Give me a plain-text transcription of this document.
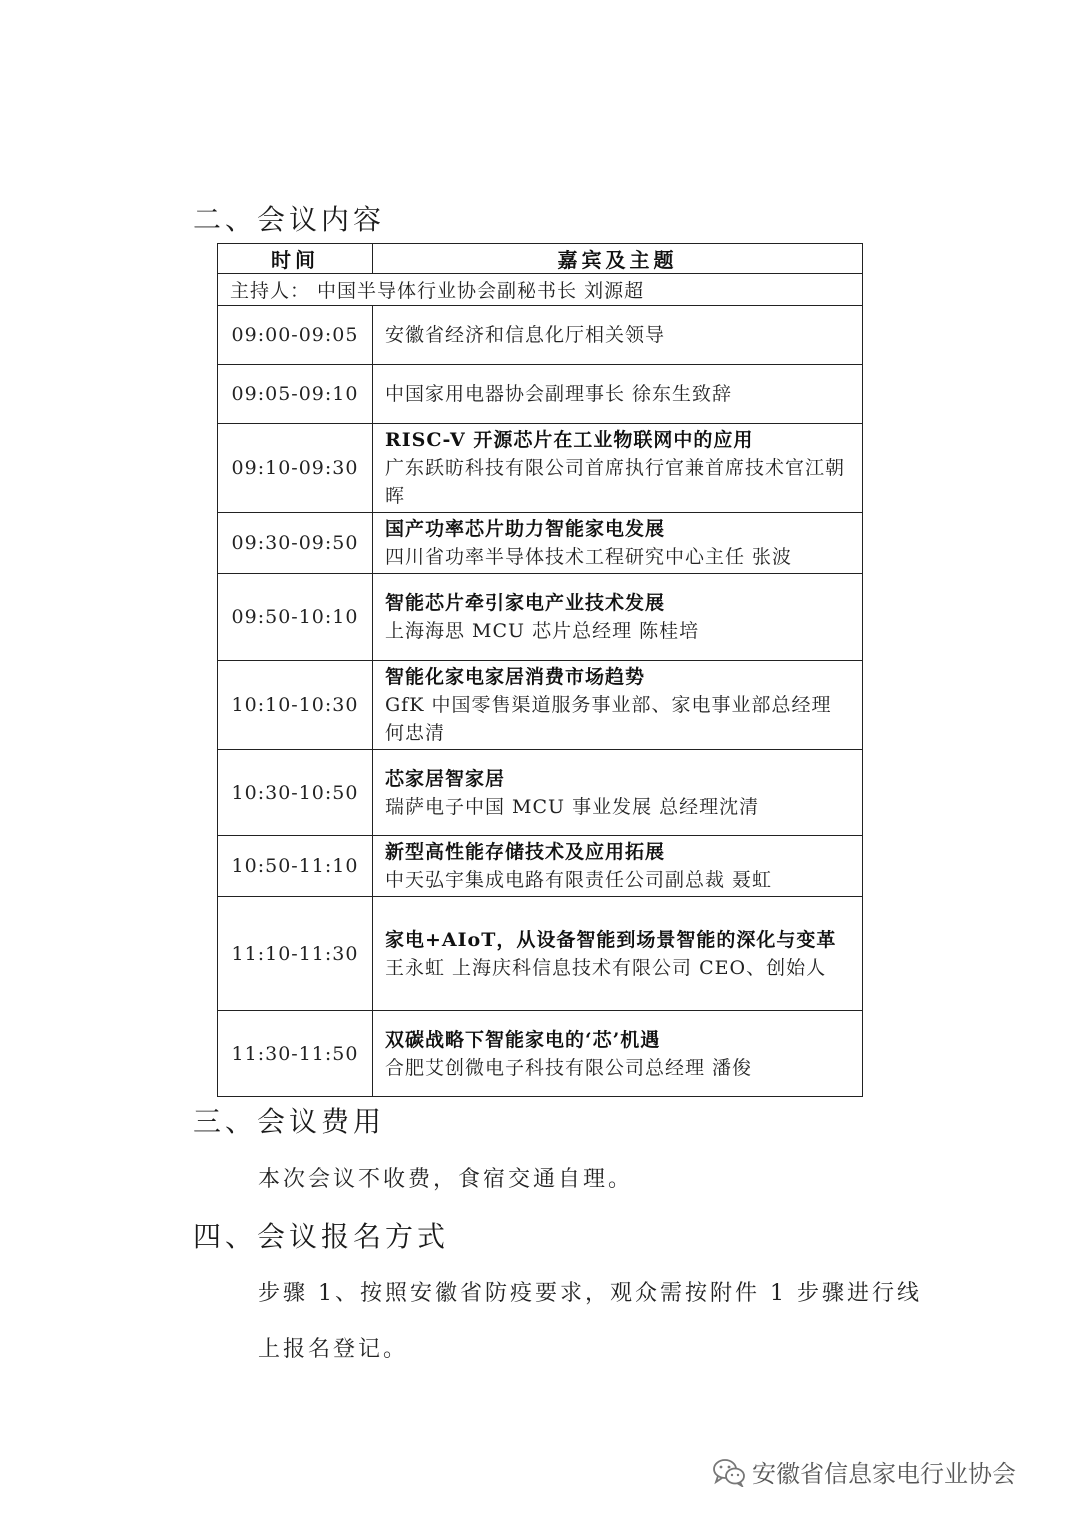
二、会议内容
时间	嘉宾及主题
主持人： 中国半导体行业协会副秘书长 刘源超	
09:00-09:05	安徽省经济和信息化厅相关领导

09:05-09:10	中国家用电器协会副理事长 徐东生致辞

09:10-09:30	RISC-V 开源芯片在工业物联网中的应用
广东跃昉科技有限公司首席执行官兼首席技术官江朝晖

09:30-09:50	国产功率芯片助力智能家电发展
四川省功率半导体技术工程研究中心主任 张波

09:50-10:10	智能芯片牵引家电产业技术发展
上海海思 MCU 芯片总经理 陈桂培

10:10-10:30	智能化家电家居消费市场趋势
GfK 中国零售渠道服务事业部、家电事业部总经理 何忠清

10:30-10:50	芯家居智家居
瑞萨电子中国 MCU 事业发展 总经理沈清

10:50-11:10	新型高性能存储技术及应用拓展
中天弘宇集成电路有限责任公司副总裁 聂虹

11:10-11:30	家电+AIoT，从设备智能到场景智能的深化与变革
王永虹 上海庆科信息技术有限公司 CEO、创始人

11:30-11:50	双碳战略下智能家电的‘芯’机遇
合肥艾创微电子科技有限公司总经理 潘俊
三、会议费用
本次会议不收费，食宿交通自理。
四、会议报名方式
步骤 1、按照安徽省防疫要求，观众需按附件 1 步骤进行线
上报名登记。
安徽省信息家电行业协会
